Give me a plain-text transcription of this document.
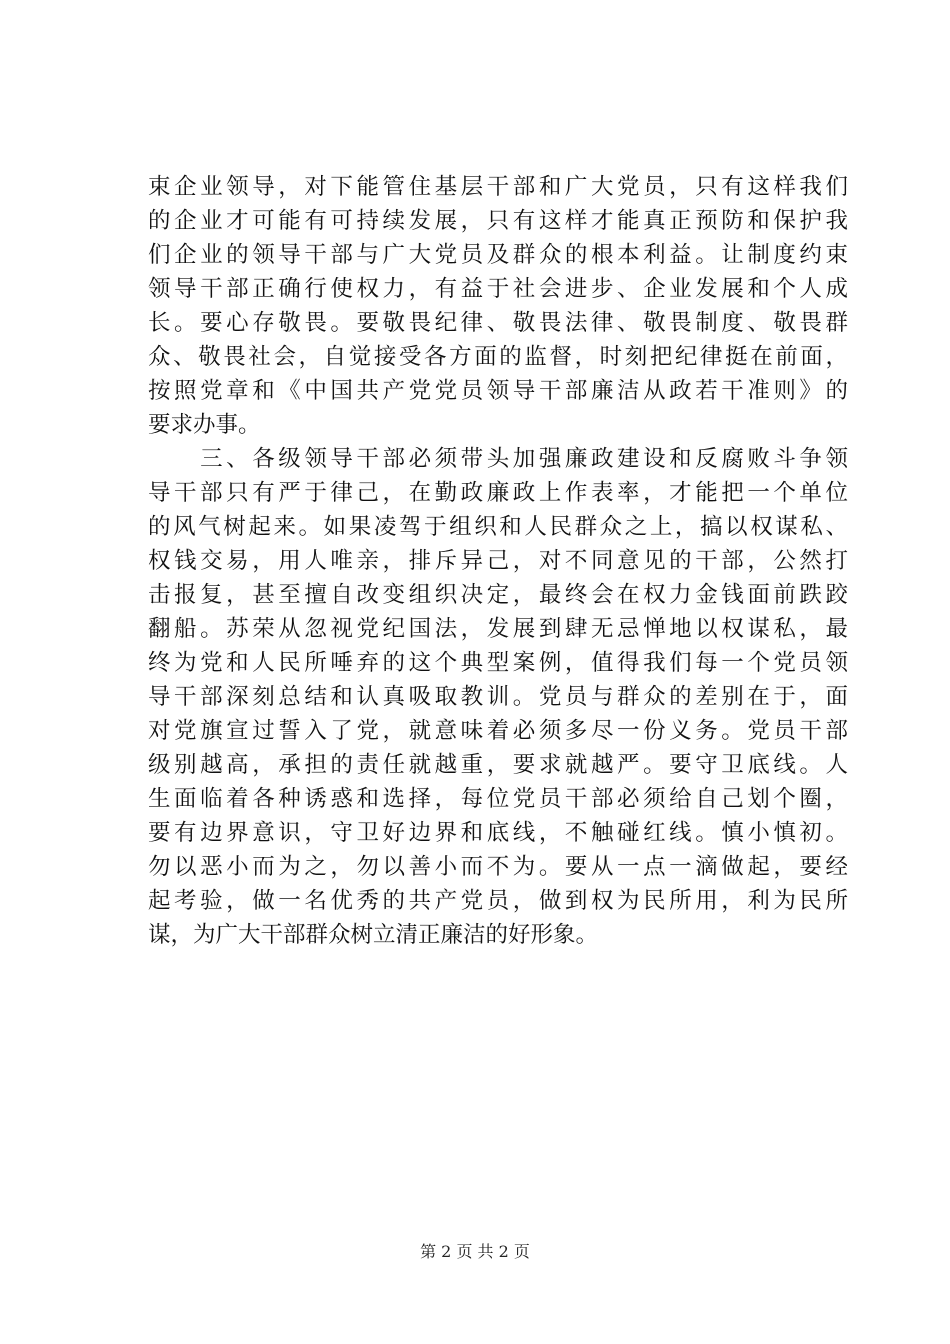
束企业领导，对下能管住基层干部和广大党员，只有这样我们
的企业才可能有可持续发展，只有这样才能真正预防和保护我
们企业的领导干部与广大党员及群众的根本利益。让制度约束
领导干部正确行使权力，有益于社会进步、企业发展和个人成
长。要心存敬畏。要敬畏纪律、敬畏法律、敬畏制度、敬畏群
众、敬畏社会，自觉接受各方面的监督，时刻把纪律挺在前面，
按照党章和《中国共产党党员领导干部廉洁从政若干准则》的
要求办事。
　　三、各级领导干部必须带头加强廉政建设和反腐败斗争领
导干部只有严于律己，在勤政廉政上作表率，才能把一个单位
的风气树起来。如果凌驾于组织和人民群众之上，搞以权谋私、
权钱交易，用人唯亲，排斥异己，对不同意见的干部，公然打
击报复，甚至擅自改变组织决定，最终会在权力金钱面前跌跤
翻船。苏荣从忽视党纪国法，发展到肆无忌惮地以权谋私，最
终为党和人民所唾弃的这个典型案例，值得我们每一个党员领
导干部深刻总结和认真吸取教训。党员与群众的差别在于，面
对党旗宣过誓入了党，就意味着必须多尽一份义务。党员干部
级别越高，承担的责任就越重，要求就越严。要守卫底线。人
生面临着各种诱惑和选择，每位党员干部必须给自己划个圈，
要有边界意识，守卫好边界和底线，不触碰红线。慎小慎初。
勿以恶小而为之，勿以善小而不为。要从一点一滴做起，要经
起考验，做一名优秀的共产党员，做到权为民所用，利为民所
谋，为广大干部群众树立清正廉洁的好形象。
第 2 页 共 2 页
